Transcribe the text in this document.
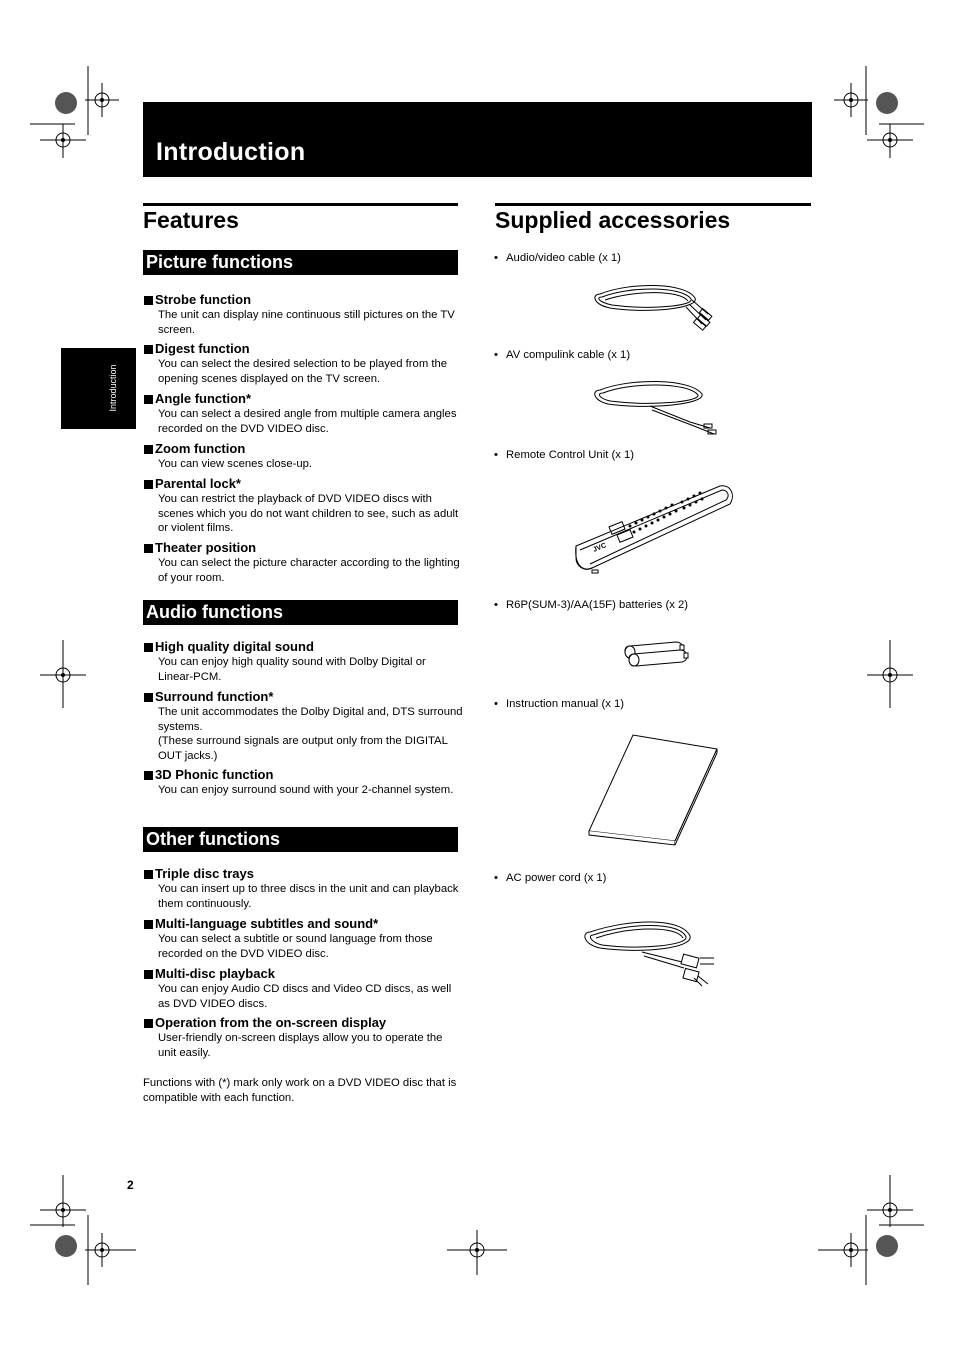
Introduction
Introduction
Features
Picture functions
Strobe function
The unit can display nine continuous still pictures on the TV screen.
Digest function
You can select the desired selection to be played from the opening scenes displayed on the TV screen.
Angle function*
You can select a desired angle from multiple camera angles recorded on the DVD VIDEO disc.
Zoom function
You can view scenes close-up.
Parental lock*
You can restrict the playback of DVD VIDEO discs with scenes which you do not want children to see, such as adult or violent films.
Theater position
You can select the picture character according to the lighting of your room.
Audio functions
High quality digital sound
You can enjoy high quality sound with Dolby Digital or Linear-PCM.
Surround function*
The unit accommodates the Dolby Digital and, DTS surround systems.
(These surround signals are output only from the DIGITAL OUT jacks.)
3D Phonic function
You can enjoy surround sound with your 2-channel system.
Other functions
Triple disc trays
You can insert up to three discs in the unit and can playback them continuously.
Multi-language subtitles and sound*
You can select a subtitle or sound language from those recorded on the DVD VIDEO disc.
Multi-disc playback
You can enjoy Audio CD discs and Video CD discs, as well as DVD VIDEO discs.
Operation from the on-screen display
User-friendly on-screen displays allow you to operate the unit easily.
Functions with (*) mark only work on a DVD VIDEO disc that is compatible with each function.
Supplied accessories
• Audio/video cable (x 1)
• AV compulink cable (x 1)
• Remote Control Unit (x 1)
JVC
• R6P(SUM-3)/AA(15F) batteries (x 2)
• Instruction manual (x 1)
• AC power cord (x 1)
2
